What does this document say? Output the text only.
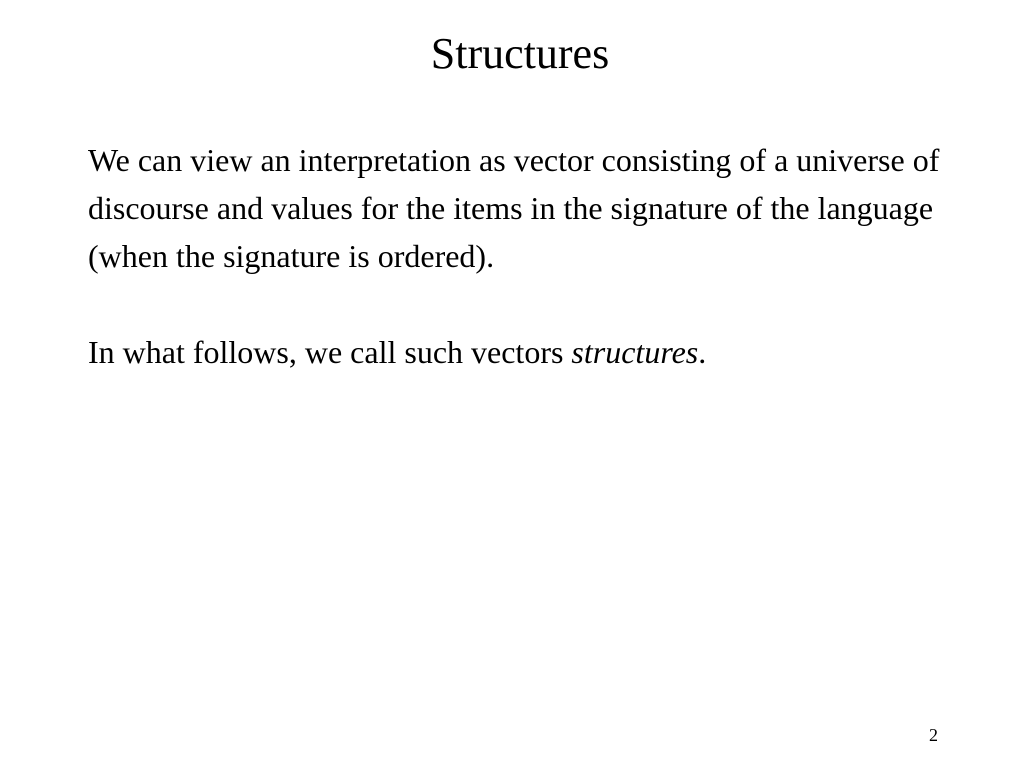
Structures

We can view an interpretation as vector consisting of a universe of discourse and values for the items in the signature of the language (when the signature is ordered).

In what follows, we call such vectors structures.

2
